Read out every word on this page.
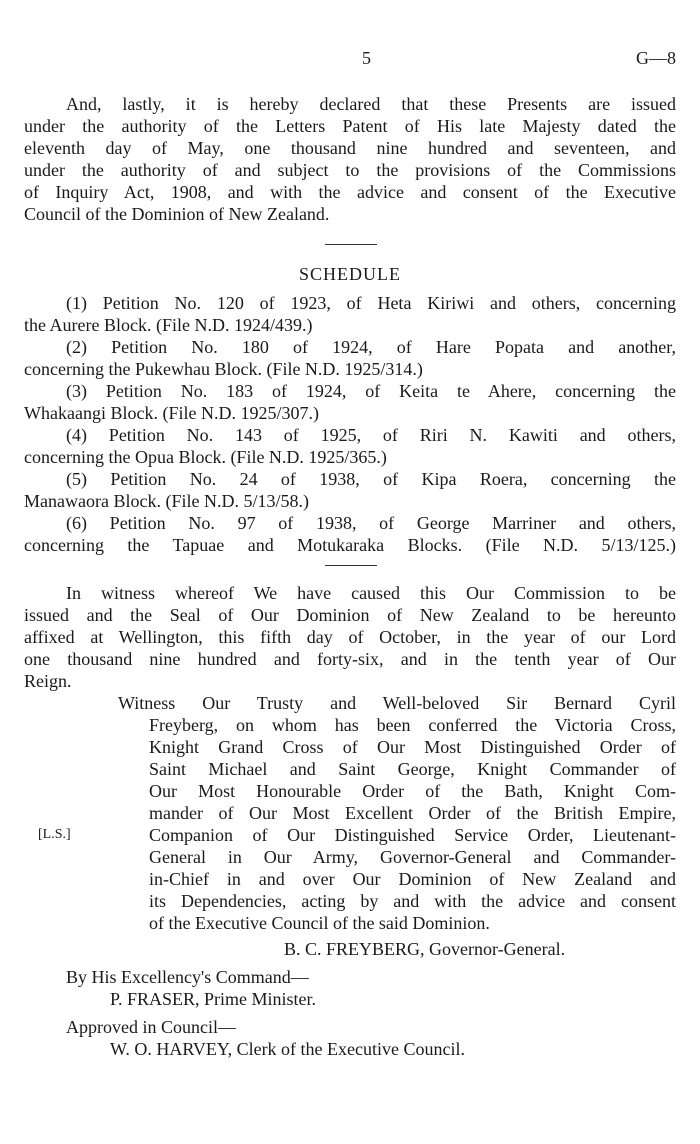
5	G—8
And, lastly, it is hereby declared that these Presents are issued
under the authority of the Letters Patent of His late Majesty dated the
eleventh day of May, one thousand nine hundred and seventeen, and
under the authority of and subject to the provisions of the Commissions
of Inquiry Act, 1908, and with the advice and consent of the Executive
Council of the Dominion of New Zealand.
SCHEDULE
(1) Petition No. 120 of 1923, of Heta Kiriwi and others, concerning
the Aurere Block. (File N.D. 1924/439.)
(2) Petition No. 180 of 1924, of Hare Popata and another,
concerning the Pukewhau Block. (File N.D. 1925/314.)
(3) Petition No. 183 of 1924, of Keita te Ahere, concerning the
Whakaangi Block. (File N.D. 1925/307.)
(4) Petition No. 143 of 1925, of Riri N. Kawiti and others,
concerning the Opua Block. (File N.D. 1925/365.)
(5) Petition No. 24 of 1938, of Kipa Roera, concerning the
Manawaora Block. (File N.D. 5/13/58.)
(6) Petition No. 97 of 1938, of George Marriner and others,
concerning the Tapuae and Motukaraka Blocks. (File N.D. 5/13/125.)
In witness whereof We have caused this Our Commission to be
issued and the Seal of Our Dominion of New Zealand to be hereunto
affixed at Wellington, this fifth day of October, in the year of our Lord
one thousand nine hundred and forty-six, and in the tenth year of Our
Reign.
Witness Our Trusty and Well-beloved Sir Bernard Cyril
Freyberg, on whom has been conferred the Victoria Cross,
Knight Grand Cross of Our Most Distinguished Order of
Saint Michael and Saint George, Knight Commander of
Our Most Honourable Order of the Bath, Knight Com-
mander of Our Most Excellent Order of the British Empire,
Companion of Our Distinguished Service Order, Lieutenant-
General in Our Army, Governor-General and Commander-
in-Chief in and over Our Dominion of New Zealand and
its Dependencies, acting by and with the advice and consent
of the Executive Council of the said Dominion.
[L.S.]
B. C. FREYBERG, Governor-General.
By His Excellency's Command—
P. FRASER, Prime Minister.
Approved in Council—
W. O. HARVEY, Clerk of the Executive Council.
